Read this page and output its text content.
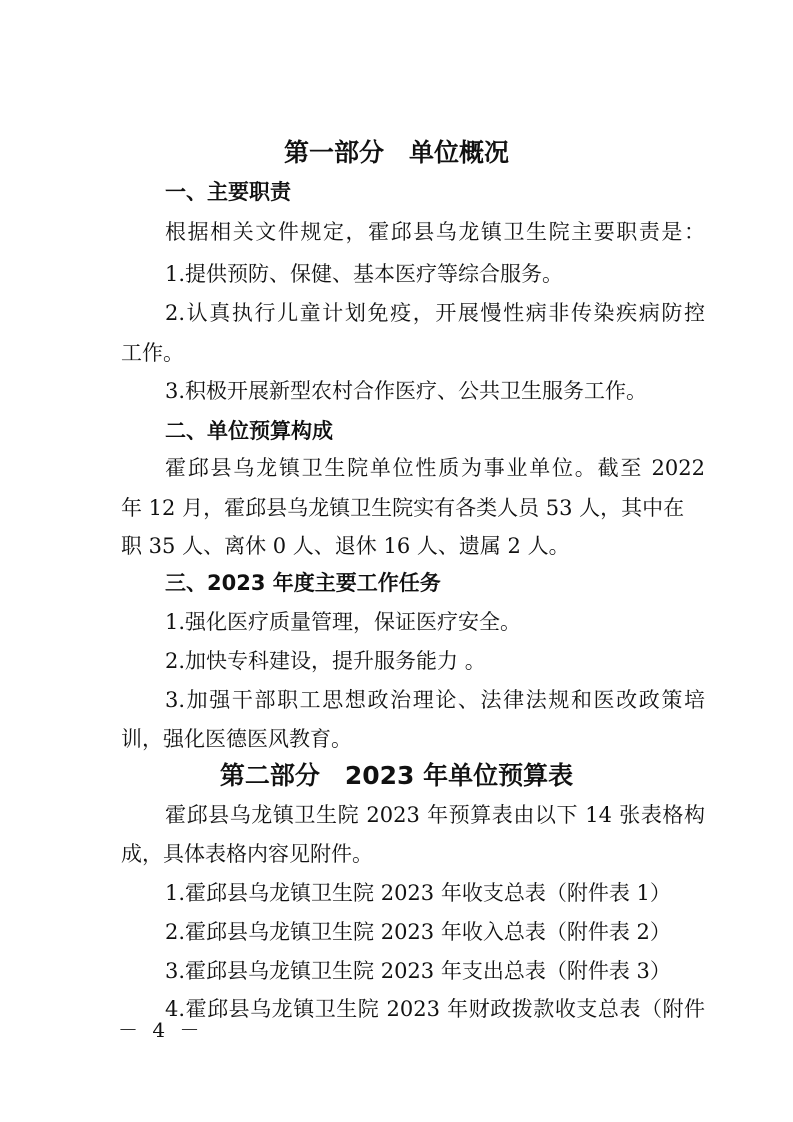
第一部分　单位概况
一、主要职责
根据相关文件规定，霍邱县乌龙镇卫生院主要职责是：
1.提供预防、保健、基本医疗等综合服务。
2.认真执行儿童计划免疫，开展慢性病非传染疾病防控
工作。
3.积极开展新型农村合作医疗、公共卫生服务工作。
二、单位预算构成
霍邱县乌龙镇卫生院单位性质为事业单位。截至 2022
年 12 月，霍邱县乌龙镇卫生院实有各类人员 53 人，其中在
职 35 人、离休 0 人、退休 16 人、遗属 2 人。
三、2023 年度主要工作任务
1.强化医疗质量管理，保证医疗安全。
2.加快专科建设，提升服务能力 。
3.加强干部职工思想政治理论、法律法规和医改政策培
训，强化医德医风教育。
第二部分　2023 年单位预算表
霍邱县乌龙镇卫生院 2023 年预算表由以下 14 张表格构
成，具体表格内容见附件。
1.霍邱县乌龙镇卫生院 2023 年收支总表（附件表 1）
2.霍邱县乌龙镇卫生院 2023 年收入总表（附件表 2）
3.霍邱县乌龙镇卫生院 2023 年支出总表（附件表 3）
4.霍邱县乌龙镇卫生院 2023 年财政拨款收支总表（附件
－ 4 －
